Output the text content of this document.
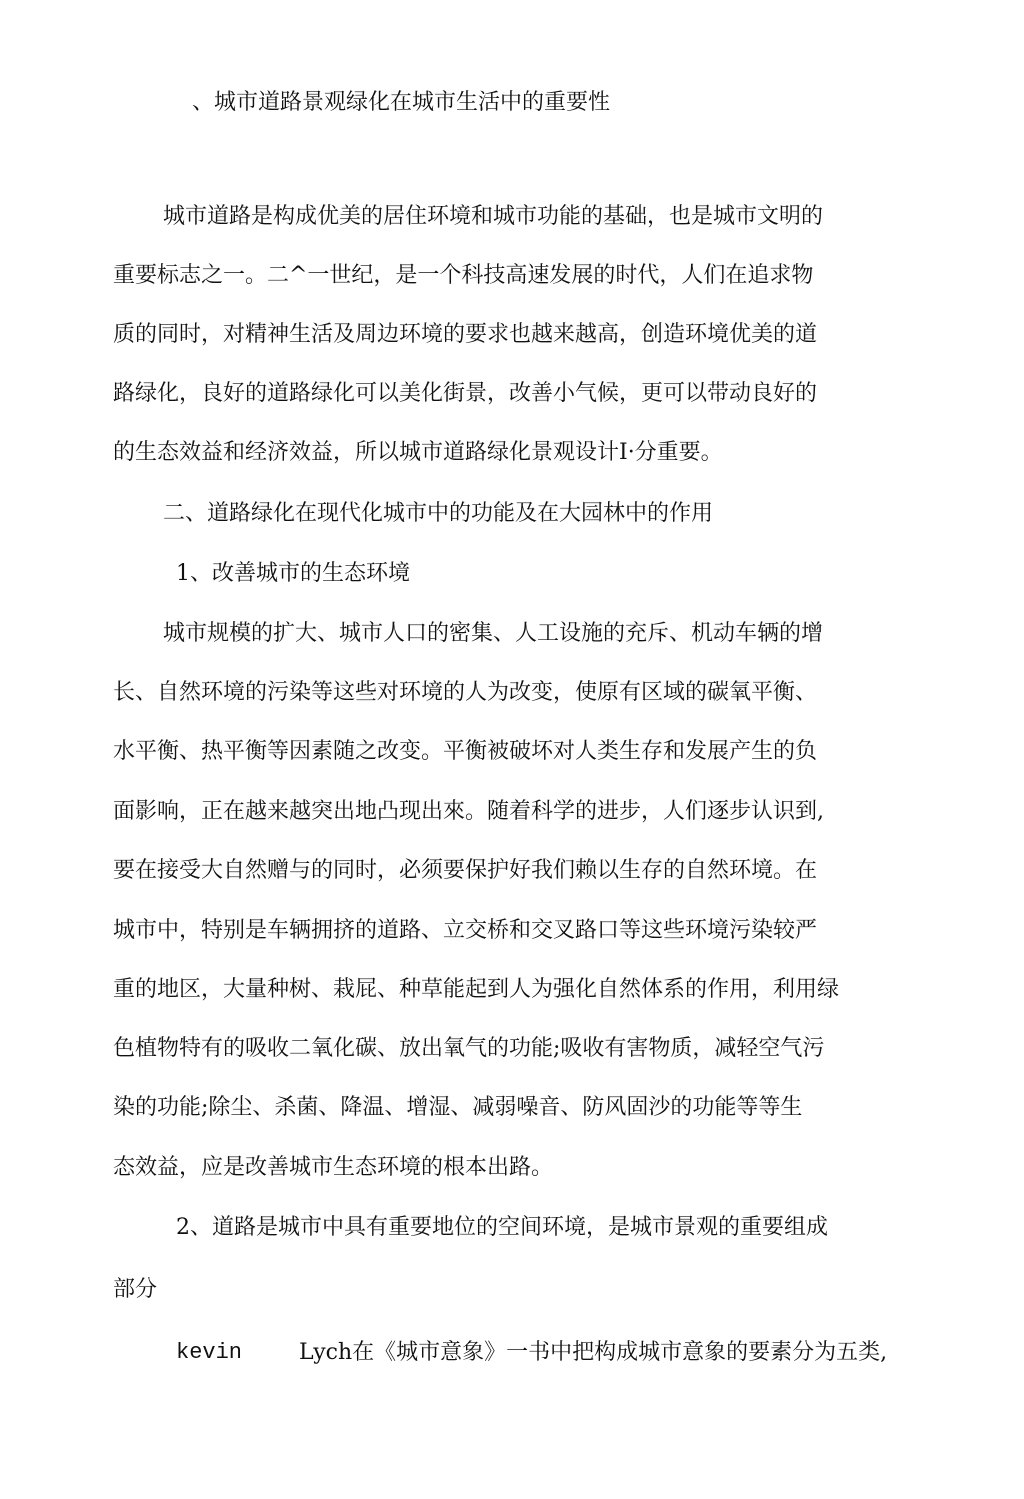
、城市道路景观绿化在城市生活中的重要性
城市道路是构成优美的居住环境和城市功能的基础，也是城市文明的
重要标志之一。二^一世纪，是一个科技高速发展的时代，人们在追求物
质的同时，对精神生活及周边环境的要求也越来越高，创造环境优美的道
路绿化，良好的道路绿化可以美化街景，改善小气候，更可以带动良好的
的生态效益和经济效益，所以城市道路绿化景观设计I·分重要。
二、道路绿化在现代化城市中的功能及在大园林中的作用
1、改善城市的生态环境
城市规模的扩大、城市人口的密集、人工设施的充斥、机动车辆的增
长、自然环境的污染等这些对环境的人为改变，使原有区域的碳氧平衡、
水平衡、热平衡等因素随之改变。平衡被破坏对人类生存和发展产生的负
面影响，正在越来越突出地凸现出來。随着科学的进步，人们逐步认识到,
要在接受大自然赠与的同时，必须要保护好我们赖以生存的自然环境。在
城市中，特别是车辆拥挤的道路、立交桥和交叉路口等这些环境污染较严
重的地区，大量种树、栽屁、种草能起到人为强化自然体系的作用，利用绿
色植物特有的吸收二氧化碳、放出氧气的功能;吸收有害物质，减轻空气污
染的功能;除尘、杀菌、降温、增湿、减弱噪音、防风固沙的功能等等生
态效益，应是改善城市生态环境的根本出路。
2、道路是城市中具有重要地位的空间环境，是城市景观的重要组成
部分
kevin	Lych在《城市意象》一书中把构成城市意象的要素分为五类,
